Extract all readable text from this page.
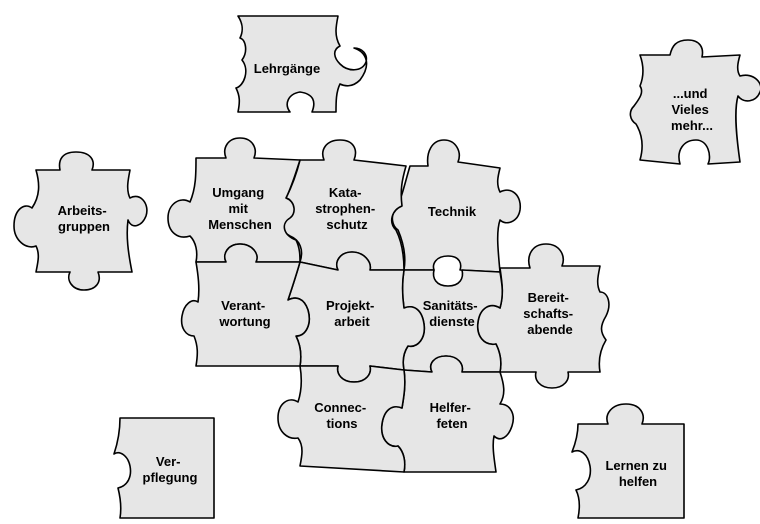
Lehrgänge
...und Vieles mehr...
Arbeits- gruppen
Technik
Kata- strophen- schutz
Umgang mit Menschen
Bereit- schafts- abende
Sanitäts- dienste
Projekt- arbeit
Verant- wortung
Helfer- feten
Connec- tions
Ver- pflegung
Lernen zu helfen
